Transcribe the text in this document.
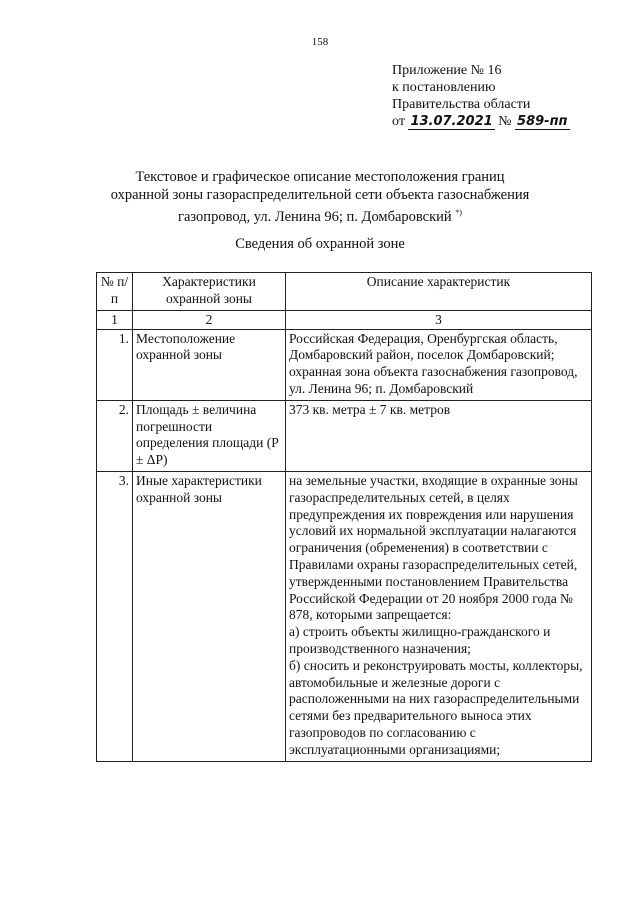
158
Приложение № 16
к постановлению
Правительства области
от 13.07.2021 № 589-пп
Текстовое и графическое описание местоположения границ
охранной зоны газораспределительной сети объекта газоснабжения
газопровод, ул. Ленина 96; п. Домбаровский *)
Сведения об охранной зоне
№ п/п	Характеристики охранной зоны	Описание характеристик
1	2	3
1.	Местоположение охранной зоны	Российская Федерация, Оренбургская область, Домбаровский район, поселок Домбаровский; охранная зона объекта газоснабжения газопровод, ул. Ленина 96; п. Домбаровский
2.	Площадь ± величина погрешности определения площади (P ± ΔP)	373 кв. метра ± 7 кв. метров
3.	Иные характеристики охранной зоны	на земельные участки, входящие в охранные зоны газораспределительных сетей, в целях предупреждения их повреждения или нарушения условий их нормальной эксплуатации налагаются ограничения (обременения) в соответствии с Правилами охраны газораспределительных сетей, утвержденными постановлением Правительства Российской Федерации от 20 ноября 2000 года № 878, которыми запрещается:
а) строить объекты жилищно-гражданского и производственного назначения;
б) сносить и реконструировать мосты, коллекторы, автомобильные и железные дороги с расположенными на них газораспределительными сетями без предварительного выноса этих газопроводов по согласованию с эксплуатационными организациями;
